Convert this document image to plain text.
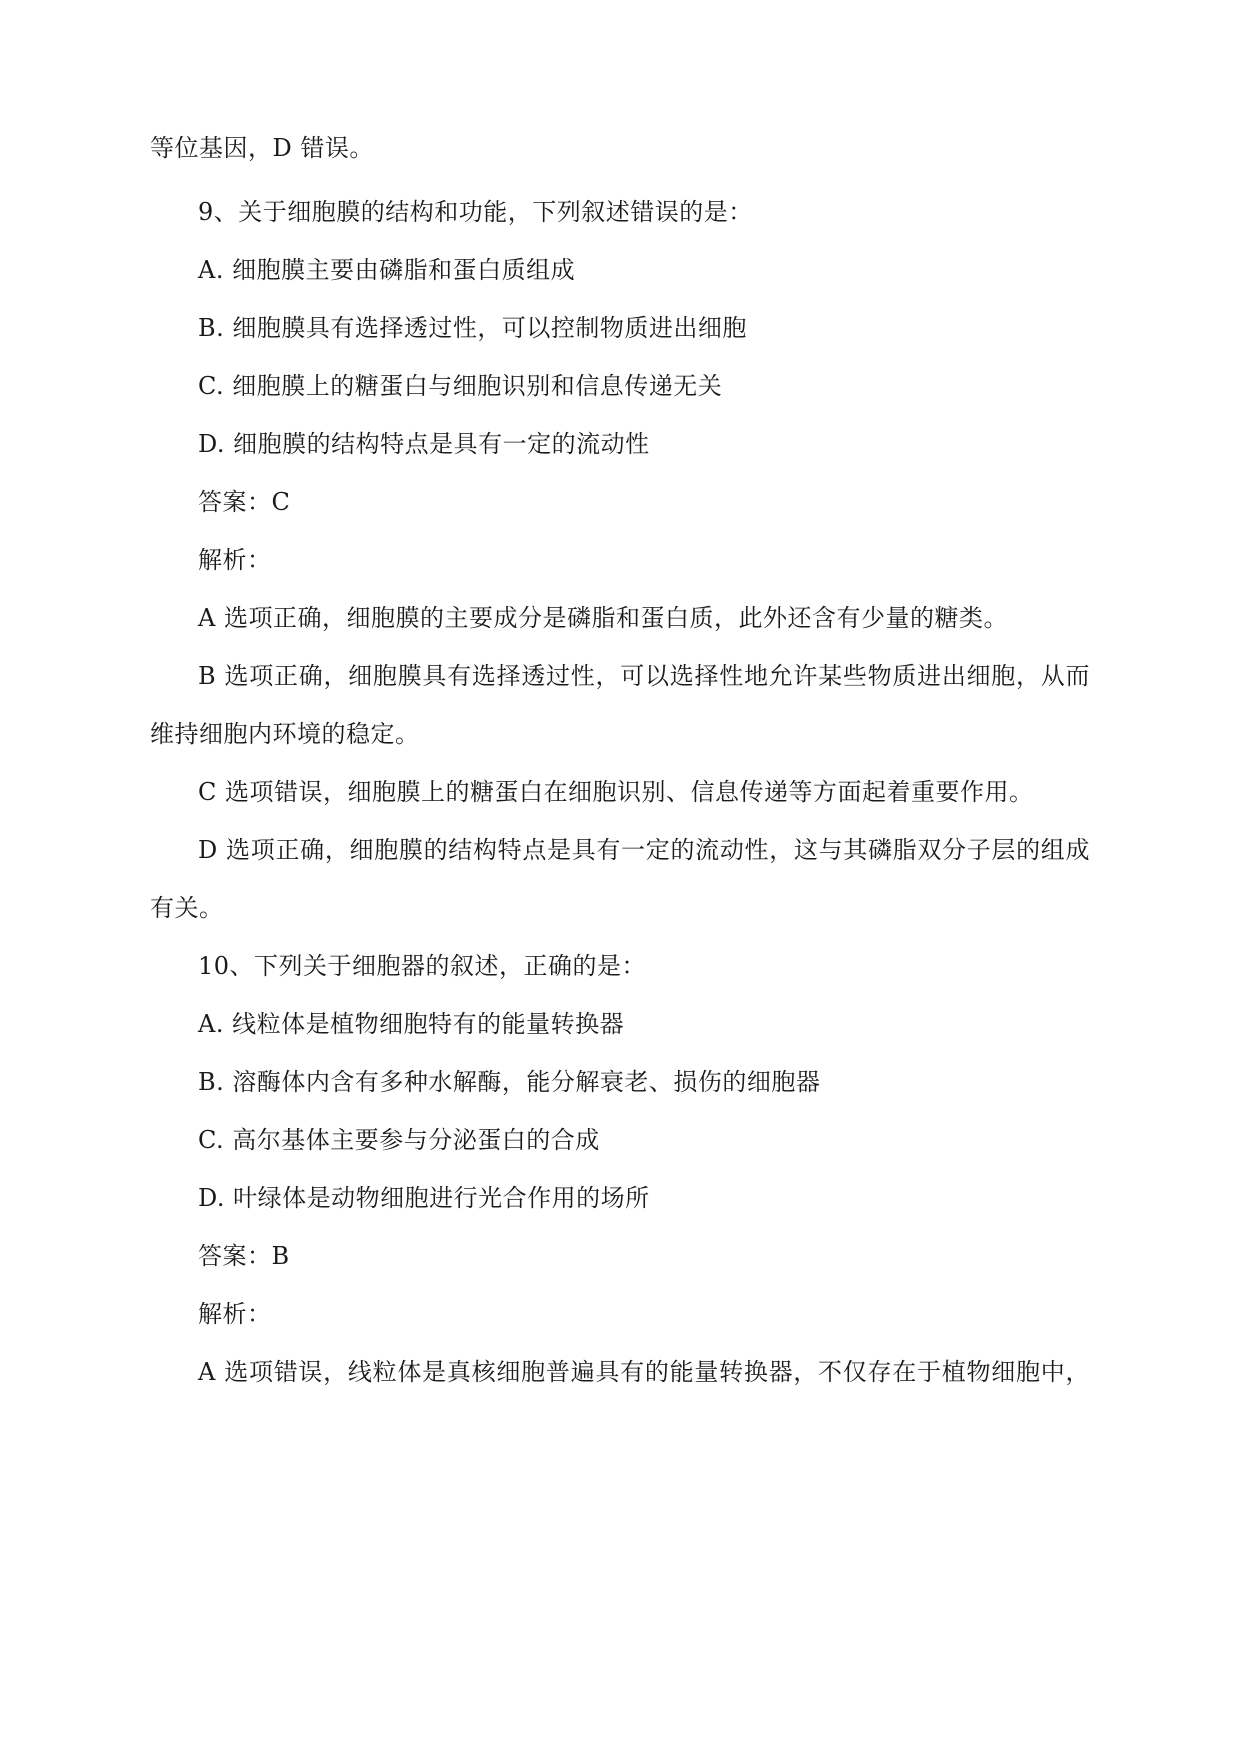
等位基因，D 错误。
9、关于细胞膜的结构和功能，下列叙述错误的是：
A. 细胞膜主要由磷脂和蛋白质组成
B. 细胞膜具有选择透过性，可以控制物质进出细胞
C. 细胞膜上的糖蛋白与细胞识别和信息传递无关
D. 细胞膜的结构特点是具有一定的流动性
答案：C
解析：
A 选项正确，细胞膜的主要成分是磷脂和蛋白质，此外还含有少量的糖类。
B 选项正确，细胞膜具有选择透过性，可以选择性地允许某些物质进出细胞，从而
维持细胞内环境的稳定。
C 选项错误，细胞膜上的糖蛋白在细胞识别、信息传递等方面起着重要作用。
D 选项正确，细胞膜的结构特点是具有一定的流动性，这与其磷脂双分子层的组成
有关。
10、下列关于细胞器的叙述，正确的是：
A. 线粒体是植物细胞特有的能量转换器
B. 溶酶体内含有多种水解酶，能分解衰老、损伤的细胞器
C. 高尔基体主要参与分泌蛋白的合成
D. 叶绿体是动物细胞进行光合作用的场所
答案：B
解析：
A 选项错误，线粒体是真核细胞普遍具有的能量转换器，不仅存在于植物细胞中，
